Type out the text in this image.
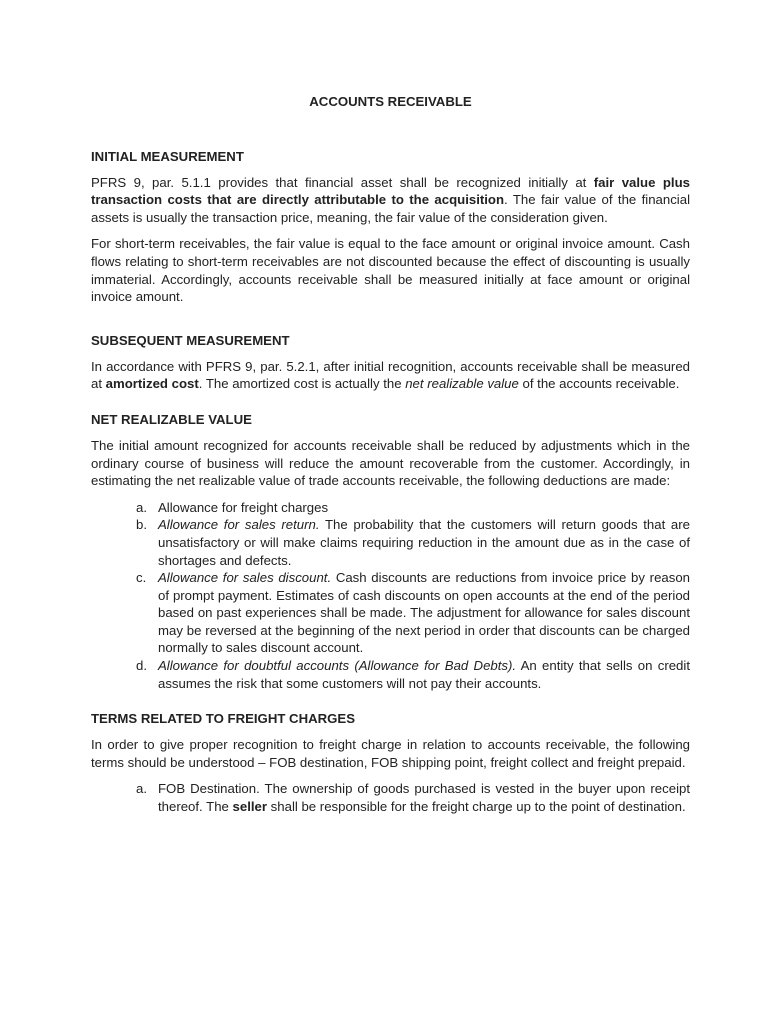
ACCOUNTS RECEIVABLE
INITIAL MEASUREMENT

PFRS 9, par. 5.1.1 provides that financial asset shall be recognized initially at fair value plus transaction costs that are directly attributable to the acquisition. The fair value of the financial assets is usually the transaction price, meaning, the fair value of the consideration given.

For short-term receivables, the fair value is equal to the face amount or original invoice amount. Cash flows relating to short-term receivables are not discounted because the effect of discounting is usually immaterial. Accordingly, accounts receivable shall be measured initially at face amount or original invoice amount.

SUBSEQUENT MEASUREMENT

In accordance with PFRS 9, par. 5.2.1, after initial recognition, accounts receivable shall be measured at amortized cost. The amortized cost is actually the net realizable value of the accounts receivable.

NET REALIZABLE VALUE

The initial amount recognized for accounts receivable shall be reduced by adjustments which in the ordinary course of business will reduce the amount recoverable from the customer. Accordingly, in estimating the net realizable value of trade accounts receivable, the following deductions are made:

a. Allowance for freight charges
b. Allowance for sales return. The probability that the customers will return goods that are unsatisfactory or will make claims requiring reduction in the amount due as in the case of shortages and defects.
c. Allowance for sales discount. Cash discounts are reductions from invoice price by reason of prompt payment. Estimates of cash discounts on open accounts at the end of the period based on past experiences shall be made. The adjustment for allowance for sales discount may be reversed at the beginning of the next period in order that discounts can be charged normally to sales discount account.
d. Allowance for doubtful accounts (Allowance for Bad Debts). An entity that sells on credit assumes the risk that some customers will not pay their accounts.
TERMS RELATED TO FREIGHT CHARGES

In order to give proper recognition to freight charge in relation to accounts receivable, the following terms should be understood – FOB destination, FOB shipping point, freight collect and freight prepaid.

a. FOB Destination. The ownership of goods purchased is vested in the buyer upon receipt thereof. The seller shall be responsible for the freight charge up to the point of destination.
